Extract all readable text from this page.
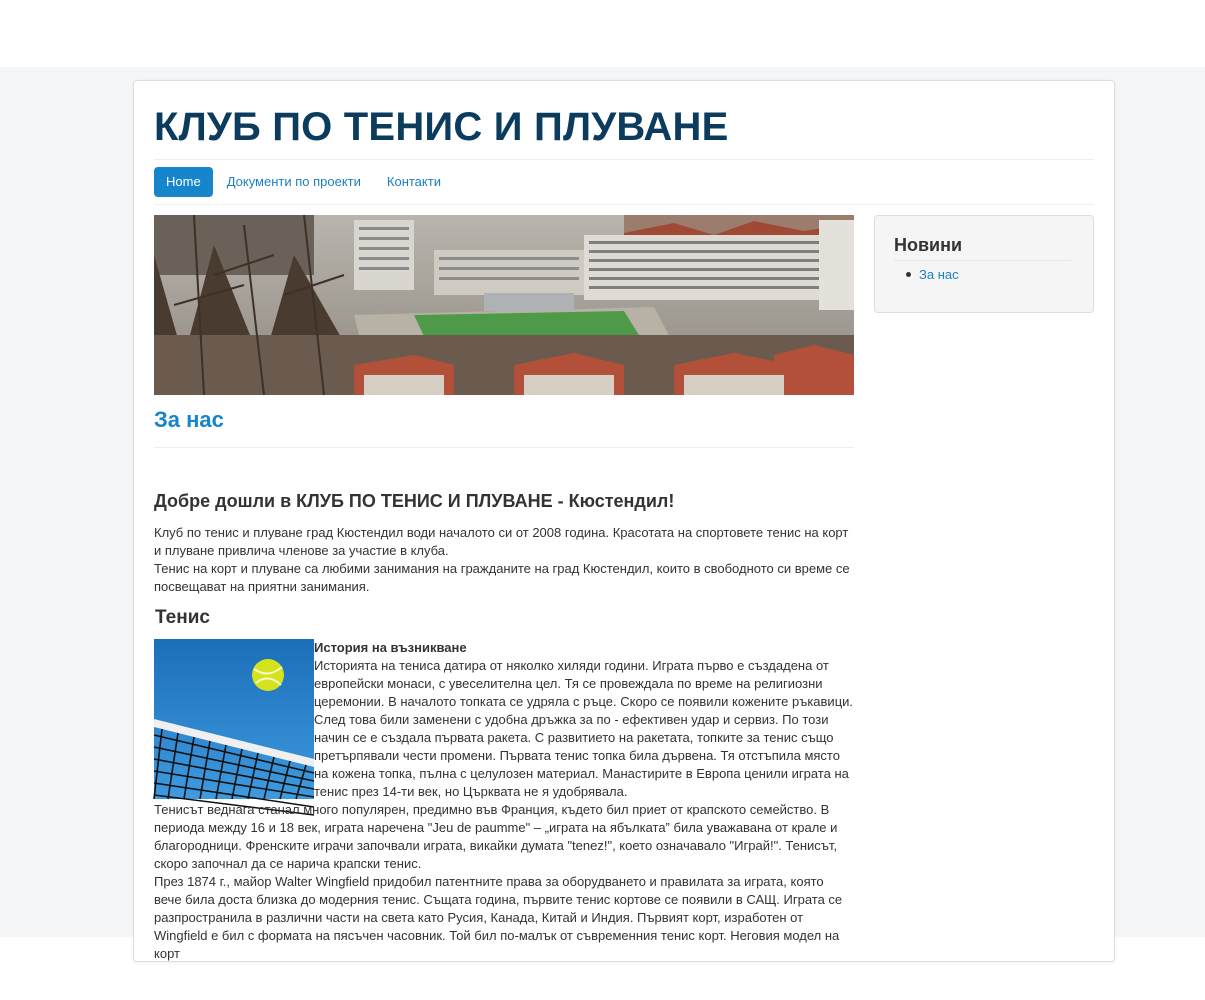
КЛУБ ПО ТЕНИС И ПЛУВАНЕ
Home	Документи по проекти	Контакти
За нас
Добре дошли в КЛУБ ПО ТЕНИС И ПЛУВАНЕ - Кюстендил!

Клуб по тенис и плуване град Кюстендил води началото си от 2008 година. Красотата на спортовете тенис на корт и плуване привлича членове за участие в клуба.

Тенис на корт и плуване са любими занимания на гражданите на град Кюстендил, които в свободното си време се посвещават на приятни занимания.

Тенис
История на възникване

Историята на тениса датира от няколко хиляди години. Играта първо е създадена от европейски монаси, с увеселителна цел. Тя се провеждала по време на религиозни церемонии. В началото топката се удряла с ръце. Скоро се появили кожените ръкавици. След това били заменени с удобна дръжка за по - ефективен удар и сервиз. По този начин се е създала първата ракета. С развитието на ракетата, топките за тенис също претърпявали чести промени. Първата тенис топка била дървена. Тя отстъпила място на кожена топка, пълна с целулозен материал. Манастирите в Европа ценили играта на тенис през 14-ти век, но Църквата не я удобрявала.

Тенисът веднага станал много популярен, предимно във Франция, където бил приет от крапското семейство. В периода между 16 и 18 век, играта наречена "Jeu de paumme" – „играта на ябълката” била уважавана от крале и благородници. Френските играчи започвали играта, викайки думата "tenez!", което означавало "Играй!". Тенисът, скоро започнал да се нарича крапски тенис.

През 1874 г., майор Walter Wingfield придобил патентните права за оборудването и правилата за играта, която вече била доста близка до модерния тенис. Същата година, първите тенис кортове се появили в САЩ. Играта се разпространила в различни части на света като Русия, Канада, Китай и Индия. Първият корт, изработен от Wingfield е бил с формата на пясъчен часовник. Той бил по-малък от съвременния тенис корт. Неговия модел на корт

Новини
За нас
